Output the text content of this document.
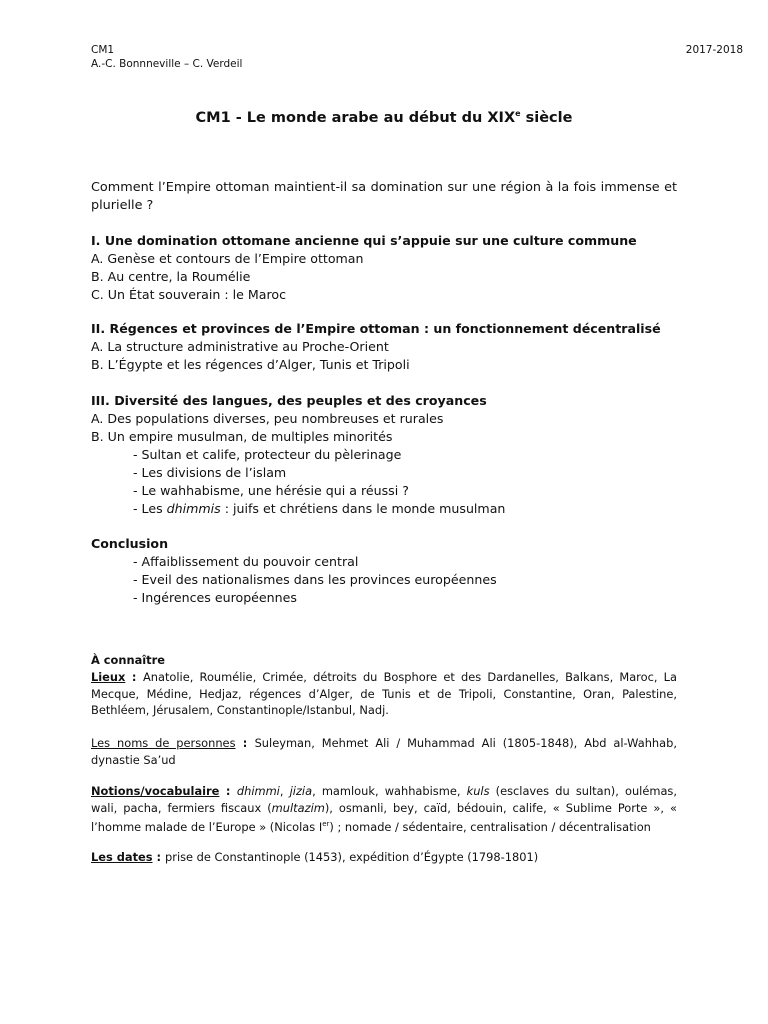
CM1
A.-C. Bonnneville – C. Verdeil
2017-2018
CM1 - Le monde arabe au début du XIXe siècle
Comment l’Empire ottoman maintient-il sa domination sur une région à la fois immense et plurielle ?
I. Une domination ottomane ancienne qui s’appuie sur une culture commune
A. Genèse et contours de l’Empire ottoman
B. Au centre, la Roumélie
C. Un État souverain : le Maroc
II. Régences et provinces de l’Empire ottoman : un fonctionnement décentralisé
A. La structure administrative au Proche-Orient
B. L’Égypte et les régences d’Alger, Tunis et Tripoli
III. Diversité des langues, des peuples et des croyances
A. Des populations diverses, peu nombreuses et rurales
B. Un empire musulman, de multiples minorités
- Sultan et calife, protecteur du pèlerinage
- Les divisions de l’islam
- Le wahhabisme, une hérésie qui a réussi ?
- Les dhimmis : juifs et chrétiens dans le monde musulman
Conclusion
- Affaiblissement du pouvoir central
- Eveil des nationalismes dans les provinces européennes
- Ingérences européennes
À connaître
Lieux : Anatolie, Roumélie, Crimée, détroits du Bosphore et des Dardanelles, Balkans, Maroc, La Mecque, Médine, Hedjaz, régences d’Alger, de Tunis et de Tripoli, Constantine, Oran, Palestine, Bethléem, Jérusalem, Constantinople/Istanbul, Nadj.
Les noms de personnes : Suleyman, Mehmet Ali / Muhammad Ali (1805-1848), Abd al-Wahhab, dynastie Sa’ud
Notions/vocabulaire : dhimmi, jizia, mamlouk, wahhabisme, kuls (esclaves du sultan), oulémas, wali, pacha, fermiers fiscaux (multazim), osmanli, bey, caïd, bédouin, calife, « Sublime Porte », « l’homme malade de l’Europe » (Nicolas Ier) ; nomade / sédentaire, centralisation / décentralisation
Les dates : prise de Constantinople (1453), expédition d’Égypte (1798-1801)
